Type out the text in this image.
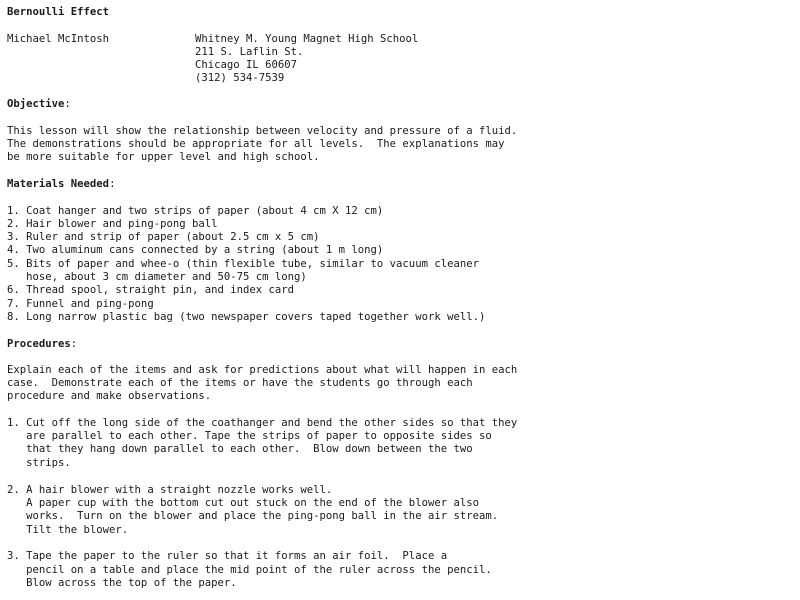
Bernoulli Effect
Michael McIntosh	Whitney M. Young Magnet High School
211 S. Laflin St.
Chicago IL 60607
(312) 534-7539
Objective:
This lesson will show the relationship between velocity and pressure of a fluid.
The demonstrations should be appropriate for all levels.  The explanations may
be more suitable for upper level and high school.
Materials Needed:
1. Coat hanger and two strips of paper (about 4 cm X 12 cm)
2. Hair blower and ping-pong ball
3. Ruler and strip of paper (about 2.5 cm x 5 cm)
4. Two aluminum cans connected by a string (about 1 m long)
5. Bits of paper and whee-o (thin flexible tube, similar to vacuum cleaner
hose, about 3 cm diameter and 50-75 cm long)
6. Thread spool, straight pin, and index card
7. Funnel and ping-pong
8. Long narrow plastic bag (two newspaper covers taped together work well.)
Procedures:
Explain each of the items and ask for predictions about what will happen in each
case.  Demonstrate each of the items or have the students go through each
procedure and make observations.
1. Cut off the long side of the coathanger and bend the other sides so that they
are parallel to each other. Tape the strips of paper to opposite sides so
that they hang down parallel to each other.  Blow down between the two
strips.
2. A hair blower with a straight nozzle works well.
A paper cup with the bottom cut out stuck on the end of the blower also
works.  Turn on the blower and place the ping-pong ball in the air stream.
Tilt the blower.
3. Tape the paper to the ruler so that it forms an air foil.  Place a
pencil on a table and place the mid point of the ruler across the pencil.
Blow across the top of the paper.
